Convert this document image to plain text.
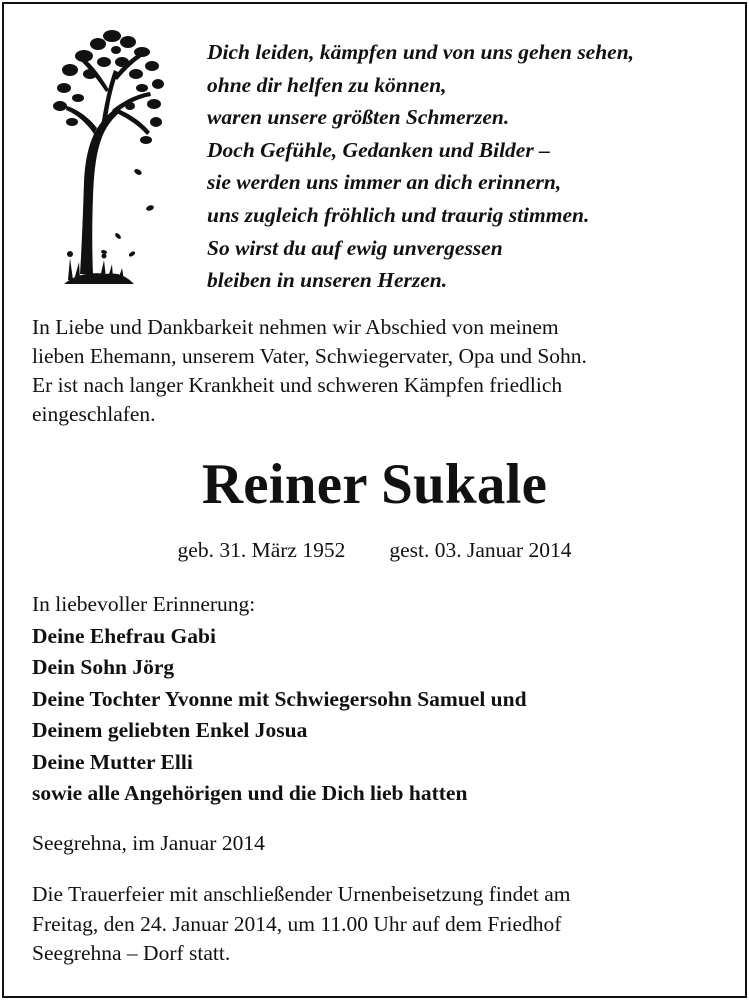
Dich leiden, kämpfen und von uns gehen sehen,
ohne dir helfen zu können,
waren unsere größten Schmerzen.
Doch Gefühle, Gedanken und Bilder –
sie werden uns immer an dich erinnern,
uns zugleich fröhlich und traurig stimmen.
So wirst du auf ewig unvergessen
bleiben in unseren Herzen.
In Liebe und Dankbarkeit nehmen wir Abschied von meinem
lieben Ehemann, unserem Vater, Schwiegervater, Opa und Sohn.
Er ist nach langer Krankheit und schweren Kämpfen friedlich
eingeschlafen.
Reiner Sukale
geb. 31. März 1952 gest. 03. Januar 2014
In liebevoller Erinnerung:
Deine Ehefrau Gabi
Dein Sohn Jörg
Deine Tochter Yvonne mit Schwiegersohn Samuel und
Deinem geliebten Enkel Josua
Deine Mutter Elli
sowie alle Angehörigen und die Dich lieb hatten
Seegrehna, im Januar 2014
Die Trauerfeier mit anschließender Urnenbeisetzung findet am
Freitag, den 24. Januar 2014, um 11.00 Uhr auf dem Friedhof
Seegrehna – Dorf statt.
